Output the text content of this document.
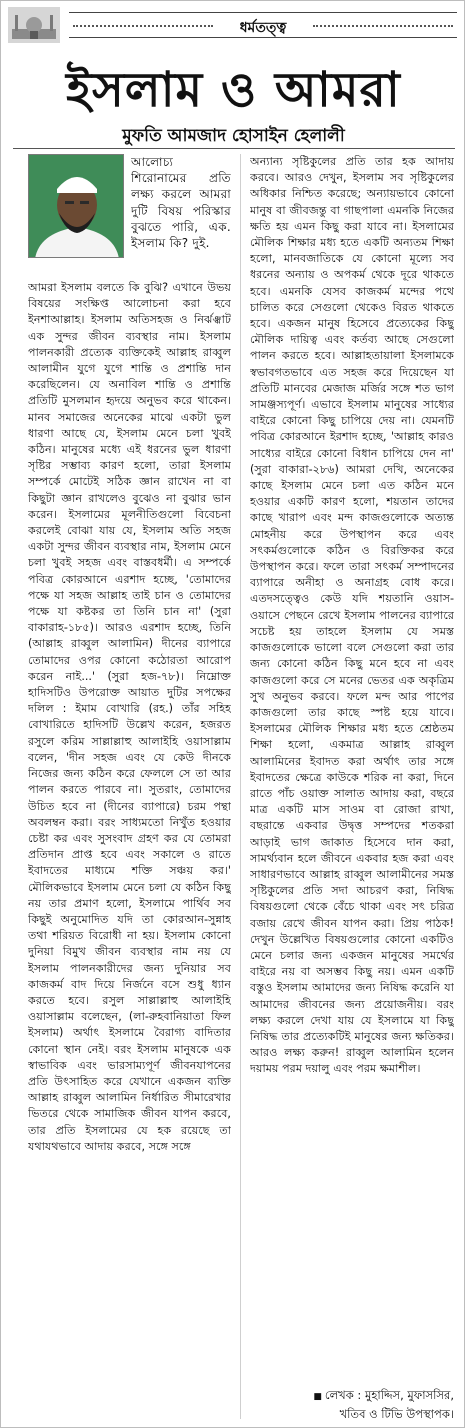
ধর্মতত্ত্ব
ইসলাম ও আমরা
মুফতি আমজাদ হোসাইন হেলালী
আলোচ্য শিরোনামের প্রতি লক্ষ্য করলে আমরা দুটি বিষয় পরিস্কার বুঝতে পারি, এক. ইসলাম কি? দুই.
আমরা ইসলাম বলতে কি বুঝি? এখানে উভয় বিষয়ের সংক্ষিপ্ত আলোচনা করা হবে ইনশাআল্লাহ। ইসলাম অতিসহজ ও নির্ঝঞ্ঝাট এক সুন্দর জীবন ব্যবস্থার নাম। ইসলাম পালনকারী প্রত্যেক ব্যক্তিকেই আল্লাহ রাব্বুল আলামীন যুগে যুগে শান্তি ও প্রশান্তি দান করেছিলেন। যে অনাবিল শান্তি ও প্রশান্তি প্রতিটি মুসলমান হৃদয়ে অনুভব করে থাকেন। মানব সমাজের অনেকের মাঝে একটা ভুল ধারণা আছে যে, ইসলাম মেনে চলা খুবই কঠিন। মানুষের মধ্যে এই ধরনের ভুল ধারণা সৃষ্টির সম্ভাব্য কারণ হলো, তারা ইসলাম সম্পর্কে মোটেই সঠিক জ্ঞান রাখেন না বা কিছুটা জ্ঞান রাখলেও বুঝেও না বুঝার ভান করেন। ইসলামের মূলনীতিগুলো বিবেচনা করলেই বোঝা যায় যে, ইসলাম অতি সহজ একটা সুন্দর জীবন ব্যবস্থার নাম, ইসলাম মেনে চলা খুবই সহজ এবং বাস্তবধর্মী। এ সম্পর্কে পবিত্র কোরআনে এরশাদ হচ্ছে, 'তোমাদের পক্ষে যা সহজ আল্লাহ তাই চান ও তোমাদের পক্ষে যা কষ্টকর তা তিনি চান না' (সুরা বাকারাহ-১৮৫)। আরও এরশাদ হচ্ছে, তিনি (আল্লাহ রাব্বুল আলামিন) দীনের ব্যাপারে তোমাদের ওপর কোনো কঠোরতা আরোপ করেন নাই...' (সুরা হজ-৭৮)। নিম্নোক্ত হাদিসটিও উপরোক্ত আয়াত দুটির সপক্ষের দলিল : ইমাম বোখারি (রহ.) তাঁর সহিহ বোখারিতে হাদিসটি উল্লেখ করেন, হজরত রসুলে করিম সাল্লাল্লাহু আলাইহি ওয়াসাল্লাম বলেন, 'দীন সহজ এবং যে কেউ দীনকে নিজের জন্য কঠিন করে ফেললে সে তা আর পালন করতে পারবে না। সুতরাং, তোমাদের উচিত হবে না (দীনের ব্যাপারে) চরম পন্থা অবলম্বন করা। বরং সাধ্যমতো নিখুঁত হওয়ার চেষ্টা কর এবং সুসংবাদ গ্রহণ কর যে তোমরা প্রতিদান প্রাপ্ত হবে এবং সকালে ও রাতে ইবাদতের মাধ্যমে শক্তি সঞ্চয় কর।' মৌলিকভাবে ইসলাম মেনে চলা যে কঠিন কিছু নয় তার প্রমাণ হলো, ইসলামে পার্থিব সব কিছুই অনুমোদিত যদি তা কোরআন-সুন্নাহ তথা শরিয়ত বিরোধী না হয়। ইসলাম কোনো দুনিয়া বিমুখ জীবন ব্যবস্থার নাম নয় যে ইসলাম পালনকারীদের জন্য দুনিয়ার সব কাজকর্ম বাদ দিয়ে নির্জনে বসে শুধু ধ্যান করতে হবে। রসুল সাল্লাল্লাহু আলাইহি ওয়াসাল্লাম বলেছেন, (লা-রুহবানিয়াতা ফিল ইসলাম) অর্থাৎ ইসলামে বৈরাগ্য বাদিতার কোনো স্থান নেই। বরং ইসলাম মানুষকে এক স্বাভাবিক এবং ভারসাম্যপূর্ণ জীবনযাপনের প্রতি উৎসাহিত করে যেখানে একজন ব্যক্তি আল্লাহ রাব্বুল আলামিন নির্ধারিত সীমারেখার ভিতরে থেকে সামাজিক জীবন যাপন করবে, তার প্রতি ইসলামের যে হক রয়েছে তা যথাযথভাবে আদায় করবে, সঙ্গে সঙ্গে
অন্যান্য সৃষ্টিকুলের প্রতি তার হক আদায় করবে। আরও দেখুন, ইসলাম সব সৃষ্টিকুলের অধিকার নিশ্চিত করেছে; অন্যায়ভাবে কোনো মানুষ বা জীবজন্তু বা গাছপালা এমনকি নিজের ক্ষতি হয় এমন কিছু করা যাবে না। ইসলামের মৌলিক শিক্ষার মধ্য হতে একটি অন্যতম শিক্ষা হলো, মানবজাতিকে যে কোনো মূল্যে সব ধরনের অন্যায় ও অপকর্ম থেকে দূরে থাকতে হবে। এমনকি যেসব কাজকর্ম মন্দের পথে চালিত করে সেগুলো থেকেও বিরত থাকতে হবে। একজন মানুষ হিসেবে প্রত্যেকের কিছু মৌলিক দায়িত্ব এবং কর্তব্য আছে সেগুলো পালন করতে হবে। আল্লাহতায়ালা ইসলামকে স্বভাবগতভাবে এত সহজ করে দিয়েছেন যা প্রতিটি মানবের মেজাজ মর্জির সঙ্গে শত ভাগ সামঞ্জস্যপূর্ণ। এভাবে ইসলাম মানুষের সাধ্যের বাইরে কোনো কিছু চাপিয়ে দেয় না। যেমনটি পবিত্র কোরআনে ইরশাদ হচ্ছে, 'আল্লাহ কারও সাধ্যের বাইরে কোনো বিধান চাপিয়ে দেন না' (সুরা বাকারা-২৮৬) আমরা দেখি, অনেকের কাছে ইসলাম মেনে চলা এত কঠিন মনে হওয়ার একটি কারণ হলো, শয়তান তাদের কাছে খারাপ এবং মন্দ কাজগুলোকে অত্যন্ত মোহনীয় করে উপস্থাপন করে এবং সৎকর্মগুলোকে কঠিন ও বিরক্তিকর করে উপস্থাপন করে। ফলে তারা সৎকর্ম সম্পাদনের ব্যাপারে অনীহা ও অনাগ্রহ বোধ করে। এতদসত্ত্বেও কেউ যদি শয়তানি ওয়াস-ওয়াসে পেছনে রেখে ইসলাম পালনের ব্যাপারে সচেষ্ট হয় তাহলে ইসলাম যে সমস্ত কাজগুলোকে ভালো বলে সেগুলো করা তার জন্য কোনো কঠিন কিছু মনে হবে না এবং কাজগুলো করে সে মনের ভেতর এক অকৃত্রিম সুখ অনুভব করবে। ফলে মন্দ আর পাপের কাজগুলো তার কাছে স্পষ্ট হয়ে যাবে। ইসলামের মৌলিক শিক্ষার মধ্য হতে শ্রেষ্ঠতম শিক্ষা হলো, একমাত্র আল্লাহ রাব্বুল আলামিনের ইবাদত করা অর্থাৎ তার সঙ্গে ইবাদতের ক্ষেত্রে কাউকে শরিক না করা, দিনে রাতে পাঁচ ওয়াক্ত সালাত আদায় করা, বছরে মাত্র একটি মাস সাওম বা রোজা রাখা, বছরান্তে একবার উদ্বৃত্ত সম্পদের শতকরা আড়াই ভাগ জাকাত হিসেবে দান করা, সামর্থ্যবান হলে জীবনে একবার হজ করা এবং সাধারণভাবে আল্লাহ রাব্বুল আলামীনের সমস্ত সৃষ্টিকুলের প্রতি সদা আচরণ করা, নিষিদ্ধ বিষয়গুলো থেকে বেঁচে থাকা এবং সৎ চরিত্র বজায় রেখে জীবন যাপন করা। প্রিয় পাঠক! দেখুন উল্লেখিত বিষয়গুলোর কোনো একটিও মেনে চলার জন্য একজন মানুষের সমর্থের বাইরে নয় বা অসম্ভব কিছু নয়। এমন একটি বস্তুও ইসলাম আমাদের জন্য নিষিদ্ধ করেনি যা আমাদের জীবনের জন্য প্রয়োজনীয়। বরং লক্ষ্য করলে দেখা যায় যে ইসলামে যা কিছু নিষিদ্ধ তার প্রত্যেকটিই মানুষের জন্য ক্ষতিকর। আরও লক্ষ্য করুন! রাব্বুল আলামিন হলেন দয়াময় পরম দয়ালু এবং পরম ক্ষমাশীল।
■ লেখক : মুহাদ্দিস, মুফাসসির,
খতিব ও টিভি উপস্থাপক।
